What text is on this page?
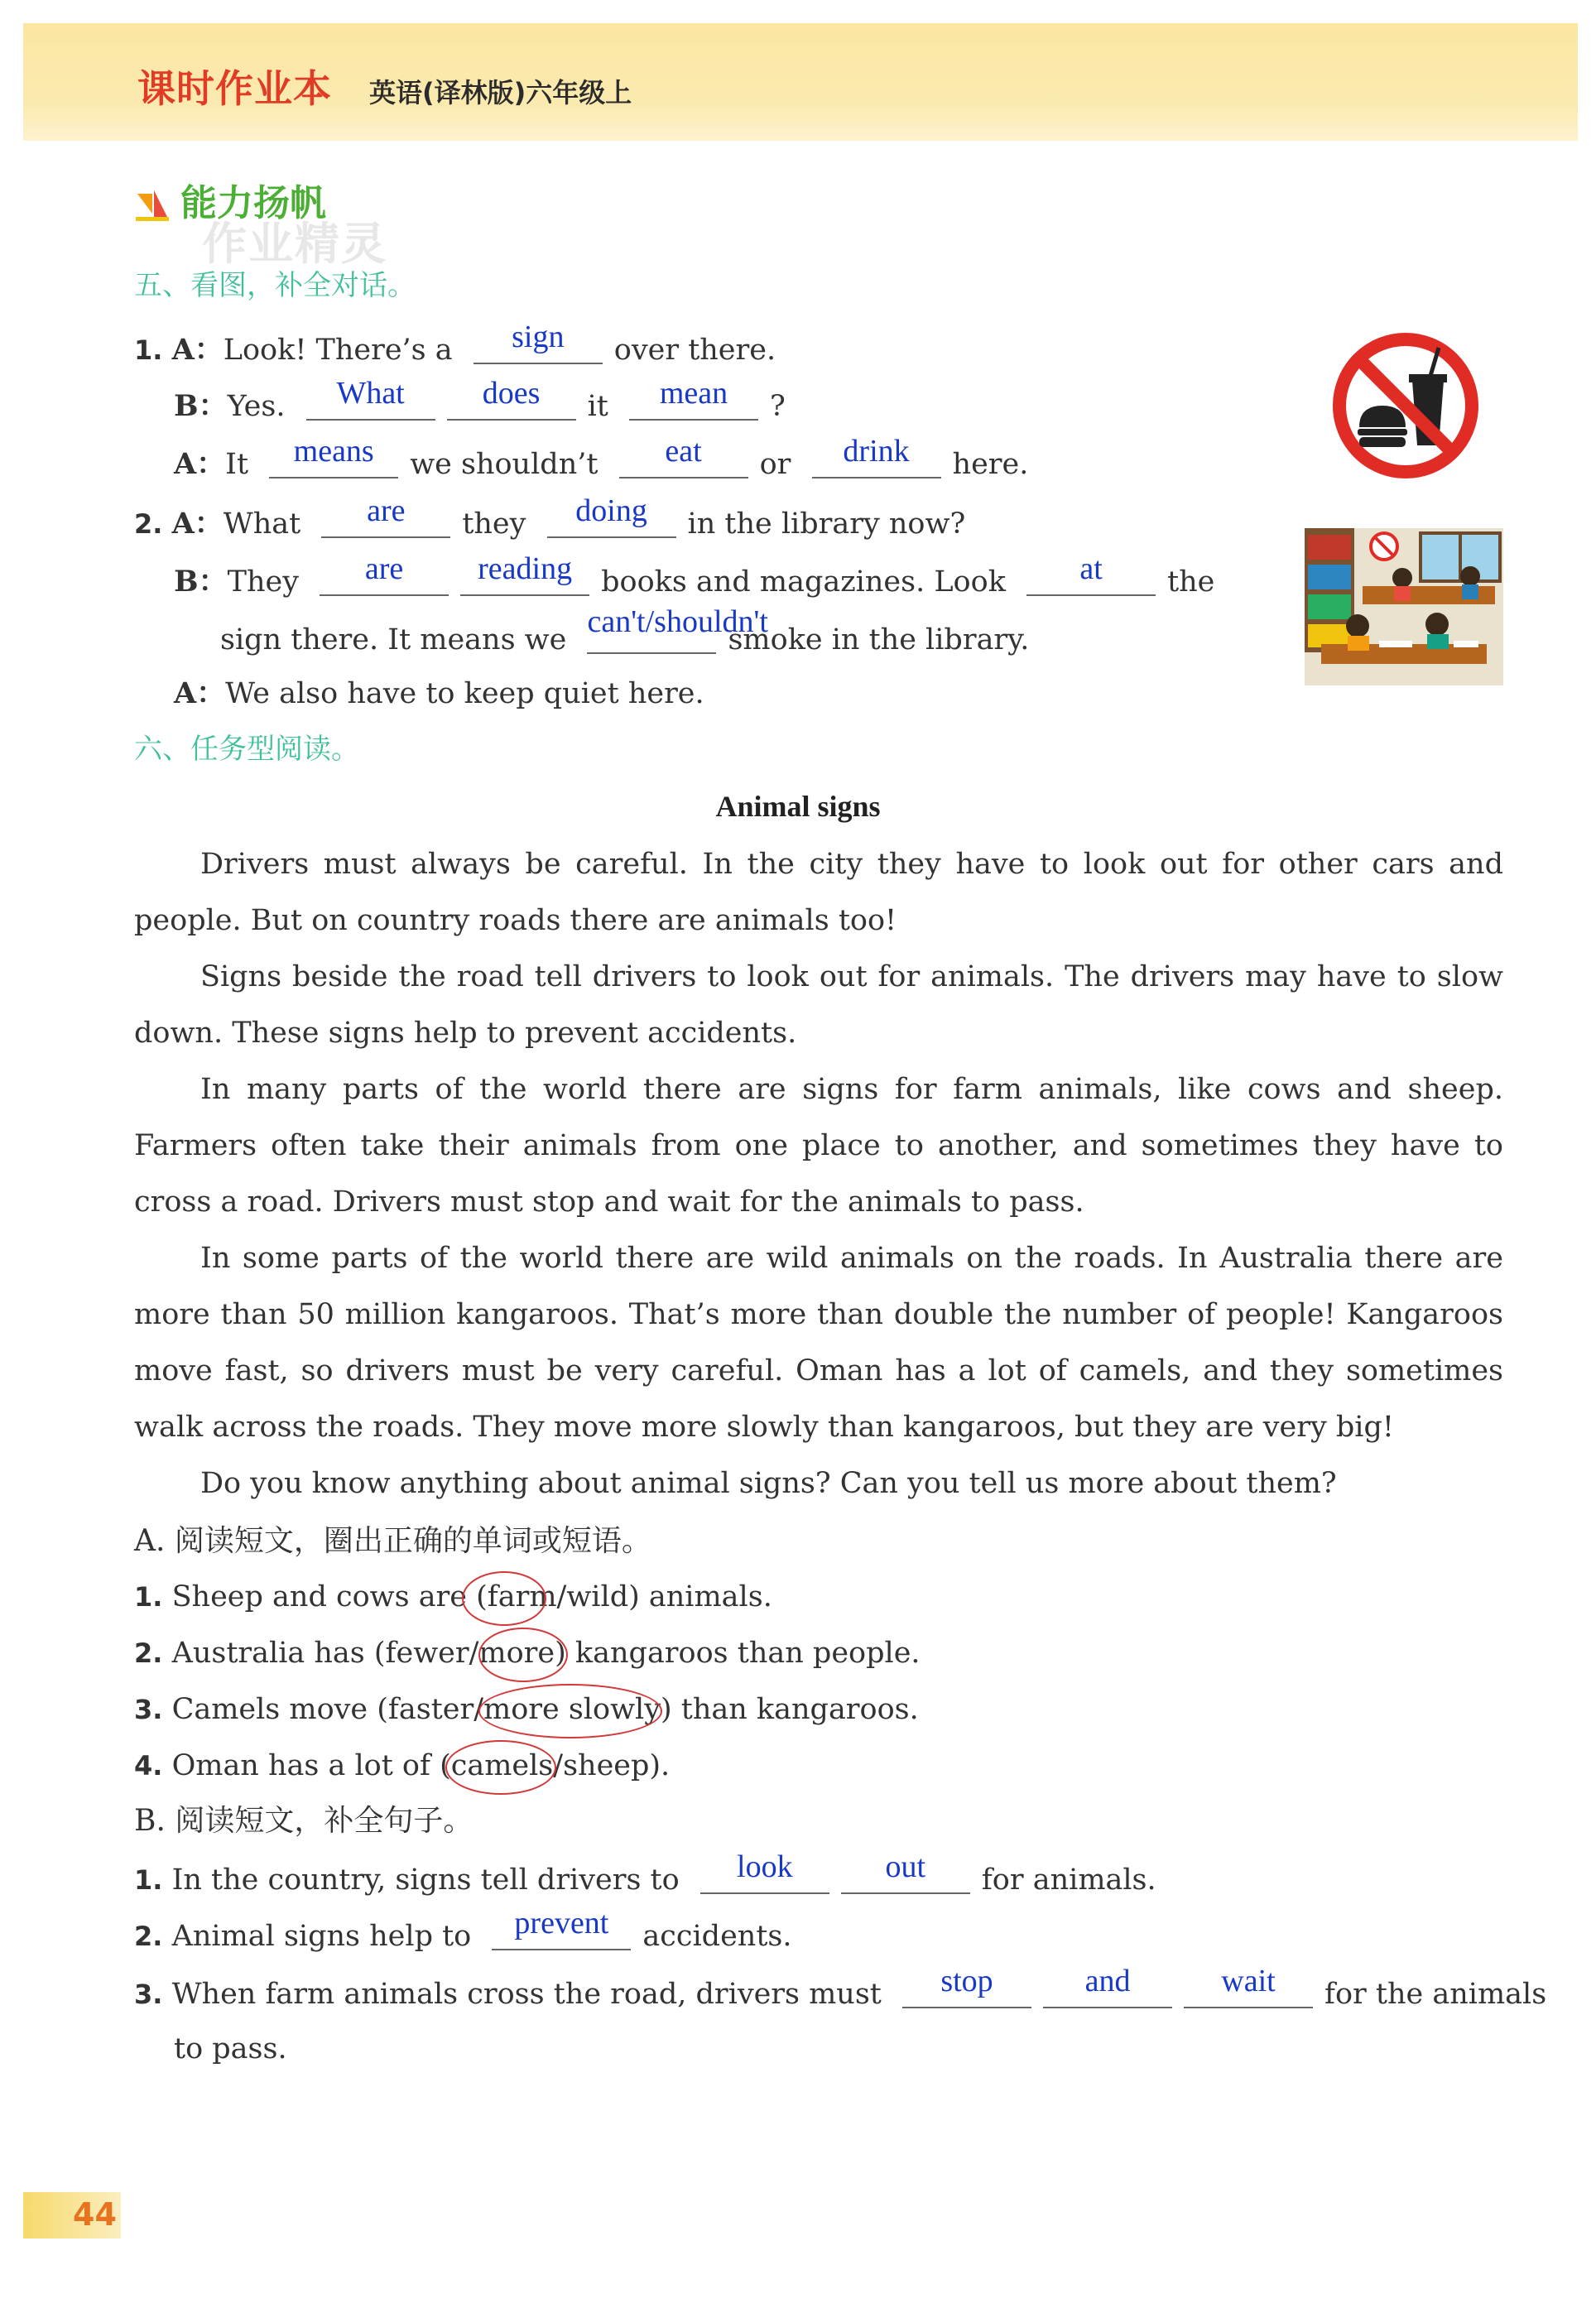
课时作业本 英语(译林版)六年级上
能力扬帆
作业精灵
五、看图，补全对话。
1. A：Look! There’s a	sign	over there.
B：Yes.	What	does	it	mean	?
A：It	means	we shouldn’t	eat	or	drink	here.
2. A：What	are	they	doing	in the library now?
B：They	are	reading	books and magazines. Look	at	the
sign there. It means we
can't/shouldn't
smoke in the library.
A：We also have to keep quiet here.
六、任务型阅读。
Animal signs
Drivers must always be careful. In the city they have to look out for other cars and people. But on country roads there are animals too!
Signs beside the road tell drivers to look out for animals. The drivers may have to slow down. These signs help to prevent accidents.
In many parts of the world there are signs for farm animals, like cows and sheep. Farmers often take their animals from one place to another, and sometimes they have to cross a road. Drivers must stop and wait for the animals to pass.
In some parts of the world there are wild animals on the roads. In Australia there are more than 50 million kangaroos. That’s more than double the number of people! Kangaroos move fast, so drivers must be very careful. Oman has a lot of camels, and they sometimes walk across the roads. They move more slowly than kangaroos, but they are very big!
Do you know anything about animal signs? Can you tell us more about them?
A. 阅读短文，圈出正确的单词或短语。
1. Sheep and cows are (farm/wild) animals.
2. Australia has (fewer/more) kangaroos than people.
3. Camels move (faster/more slowly) than kangaroos.
4. Oman has a lot of (camels/sheep).
B. 阅读短文，补全句子。
1. In the country, signs tell drivers to	look	out	for animals.
2. Animal signs help to	prevent	accidents.
3. When farm animals cross the road, drivers must	stop	and	wait	for the animals
to pass.
44
